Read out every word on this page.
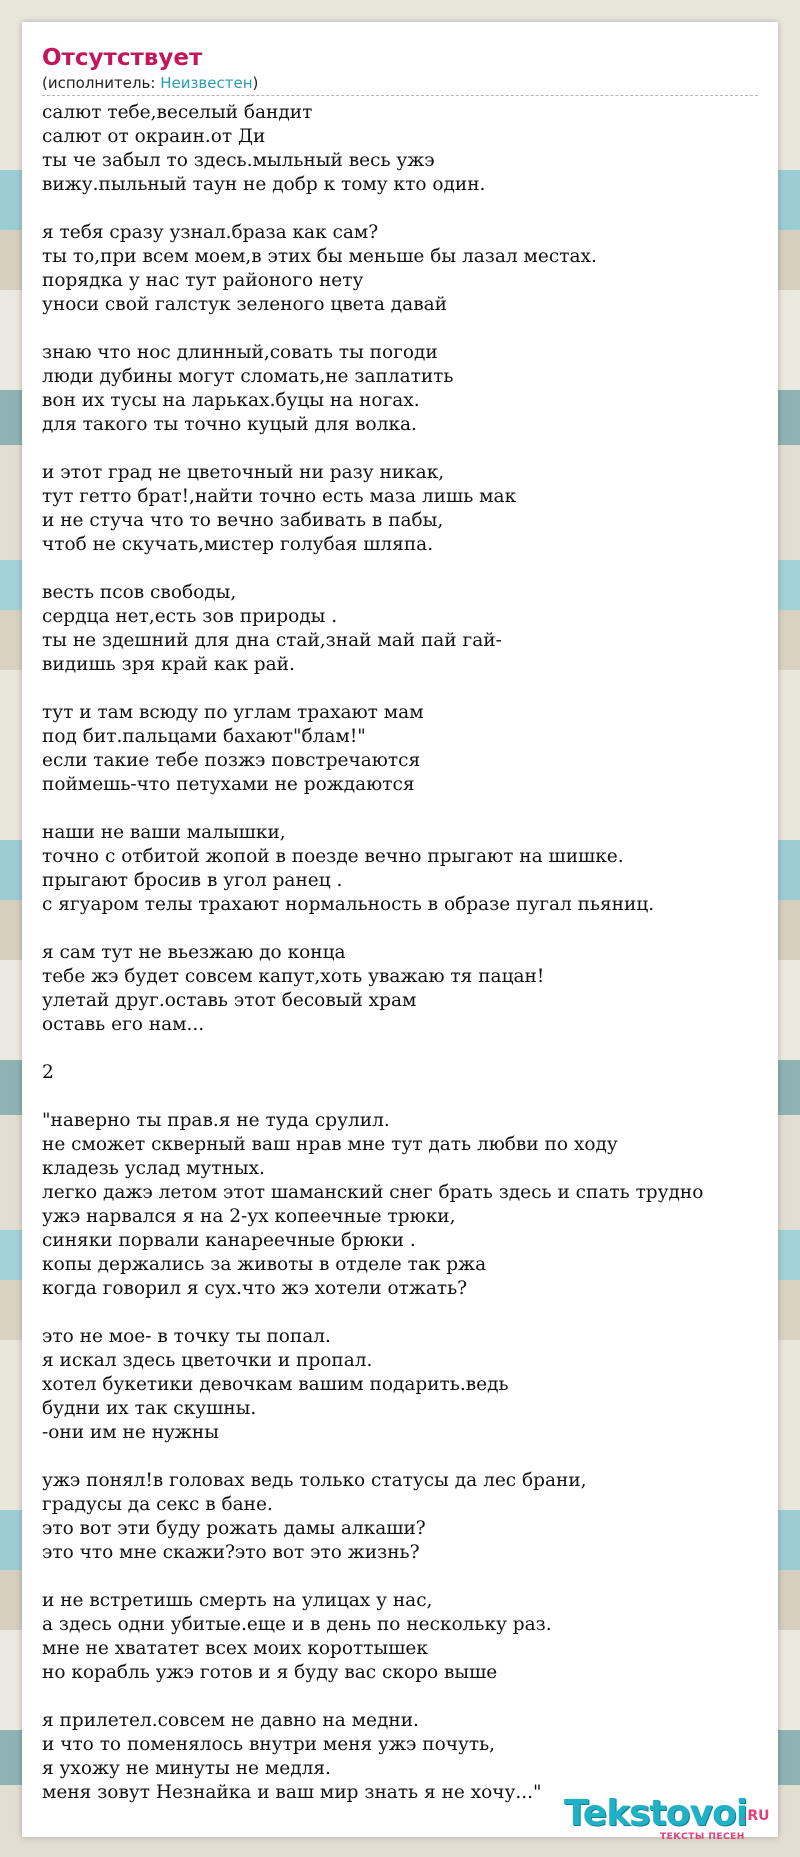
Отсутствует
(исполнитель: Неизвестен)
салют тебе,веселый бандит
салют от окраин.от Ди
ты че забыл то здесь.мыльный весь ужэ
вижу.пыльный таун не добр к тому кто один.
я тебя сразу узнал.браза как сам?
ты то,при всем моем,в этих бы меньше бы лазал местах.
порядка у нас тут районого нету
уноси свой галстук зеленого цвета давай
знаю что нос длинный,совать ты погоди
люди дубины могут сломать,не заплатить
вон их тусы на ларьках.буцы на ногах.
для такого ты точно куцый для волка.
и этот град не цветочный ни разу никак,
тут гетто брат!,найти точно есть маза лишь мак
и не стуча что то вечно забивать в пабы,
чтоб не скучать,мистер голубая шляпа.
весть псов свободы,
сердца нет,есть зов природы .
ты не здешний для дна стай,знай май пай гай-
видишь зря край как рай.
тут и там всюду по углам трахают мам
под бит.пальцами бахают"блам!"
если такие тебе позжэ повстречаются
поймешь-что петухами не рождаются
наши не ваши малышки,
точно с отбитой жопой в поезде вечно прыгают на шишке.
прыгают бросив в угол ранец .
с ягуаром телы трахают нормальность в образе пугал пьяниц.
я сам тут не вьезжаю до конца
тебе жэ будет совсем капут,хоть уважаю тя пацан!
улетай друг.оставь этот бесовый храм
оставь его нам...
2
"наверно ты прав.я не туда срулил.
не сможет скверный ваш нрав мне тут дать любви по ходу
кладезь услад мутных.
легко дажэ летом этот шаманский снег брать здесь и спать трудно
ужэ нарвался я на 2-ух копеечные трюки,
синяки порвали канареечные брюки .
копы держались за животы в отделе так ржа
когда говорил я сух.что жэ хотели отжать?
это не мое- в точку ты попал.
я искал здесь цветочки и пропал.
хотел букетики девочкам вашим подарить.ведь
будни их так скушны.
-они им не нужны
ужэ понял!в головах ведь только статусы да лес брани,
градусы да секс в бане.
это вот эти буду рожать дамы алкаши?
это что мне скажи?это вот это жизнь?
и не встретишь смерть на улицах у нас,
а здесь одни убитые.еще и в день по нескольку раз.
мне не хвататет всех моих короттышек
но корабль ужэ готов и я буду вас скоро выше
я прилетел.совсем не давно на медни.
и что то поменялось внутри меня ужэ почуть,
я ухожу не минуты не медля.
меня зовут Незнайка и ваш мир знать я не хочу..."
Tekstovoi
.RU
ТЕКСТЫ ПЕСЕН
